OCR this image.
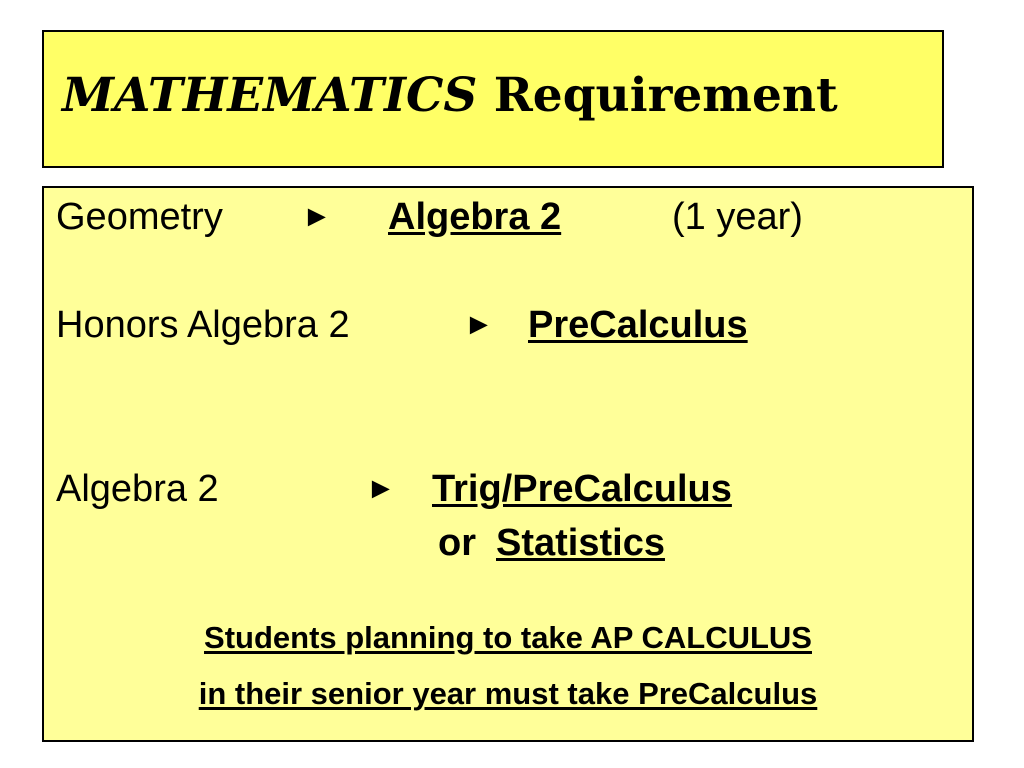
MATHEMATICS Requirement
Geometry	► Algebra 2	(1 year)
Honors Algebra 2	► PreCalculus
Algebra 2	► Trig/PreCalculus
or Statistics
Students planning to take AP CALCULUS
in their senior year must take PreCalculus
